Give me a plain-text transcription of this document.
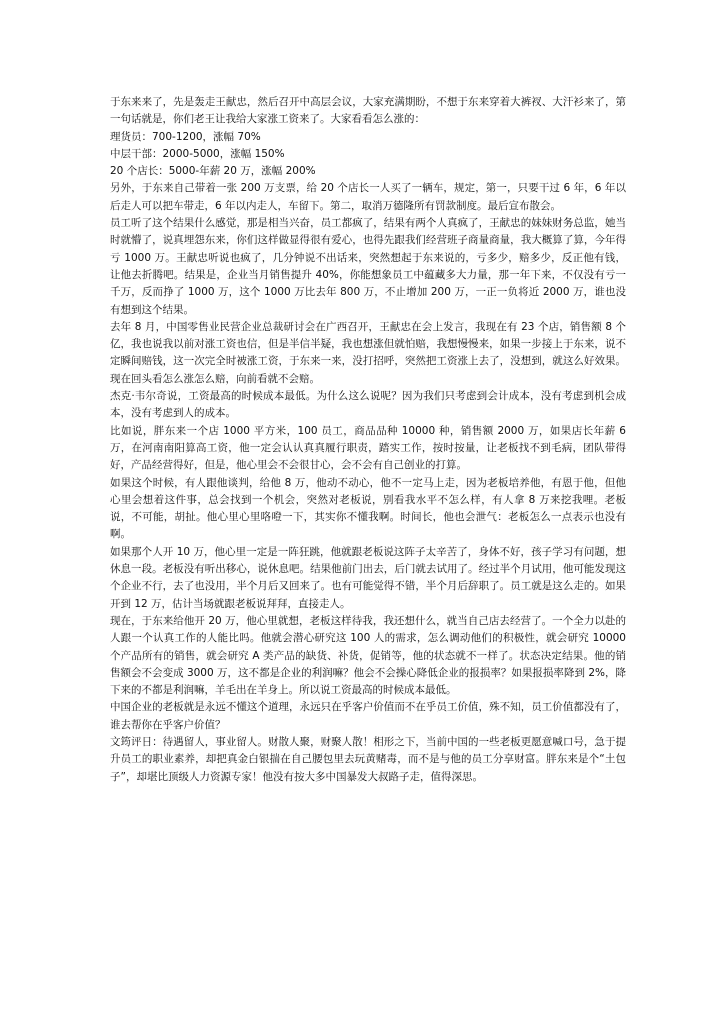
于东来来了，先是轰走王献忠，然后召开中高层会议，大家充满期盼，不想于东来穿着大裤衩、大汗衫来了，第一句话就是，你们老王让我给大家涨工资来了。大家看看怎么涨的：

理货员：700-1200，涨幅 70%

中层干部：2000-5000，涨幅 150%

20 个店长：5000-年薪 20 万，涨幅 200%

另外，于东来自己带着一张 200 万支票，给 20 个店长一人买了一辆车，规定，第一，只要干过 6 年，6 年以后走人可以把车带走，6 年以内走人，车留下。第二，取消万德隆所有罚款制度。最后宣布散会。

员工听了这个结果什么感觉，那是相当兴奋，员工都疯了，结果有两个人真疯了，王献忠的妹妹财务总监，她当时就懵了，说真埋怨东来，你们这样做显得很有爱心，也得先跟我们经营班子商量商量，我大概算了算，今年得亏 1000 万。王献忠听说也疯了，几分钟说不出话来，突然想起于东来说的，亏多少，赔多少，反正他有钱，让他去折腾吧。结果是，企业当月销售提升 40%，你能想象员工中蕴藏多大力量，那一年下来，不仅没有亏一千万，反而挣了 1000 万，这个 1000 万比去年 800 万，不止增加 200 万，一正一负将近 2000 万，谁也没有想到这个结果。

去年 8 月，中国零售业民营企业总裁研讨会在广西召开，王献忠在会上发言，我现在有 23 个店，销售额 8 个亿，我也说我以前对涨工资也信，但是半信半疑，我也想涨但就怕赔，我想慢慢来，如果一步接上于东来，说不定瞬间赔钱，这一次完全时被涨工资，于东来一来，没打招呼，突然把工资涨上去了，没想到，就这么好效果。现在回头看怎么涨怎么赔，向前看就不会赔。

杰克·韦尔奇说，工资最高的时候成本最低。为什么这么说呢？因为我们只考虑到会计成本，没有考虑到机会成本，没有考虑到人的成本。

比如说，胖东来一个店 1000 平方米，100 员工，商品品种 10000 种，销售额 2000 万，如果店长年薪 6 万，在河南南阳算高工资，他一定会认认真真履行职责，踏实工作，按时按量，让老板找不到毛病，团队带得好，产品经营得好，但是，他心里会不会很甘心，会不会有自己创业的打算。

如果这个时候，有人跟他谈判，给他 8 万，他动不动心，他不一定马上走，因为老板培养他，有恩于他，但他心里会想着这件事，总会找到一个机会，突然对老板说，别看我水平不怎么样，有人拿 8 万来挖我哩。老板说，不可能，胡扯。他心里心里咯噔一下，其实你不懂我啊。时间长，他也会泄气：老板怎么一点表示也没有啊。

如果那个人开 10 万，他心里一定是一阵狂跳，他就跟老板说这阵子太辛苦了，身体不好，孩子学习有问题，想休息一段。老板没有听出移心，说休息吧。结果他前门出去，后门就去试用了。经过半个月试用，他可能发现这个企业不行，去了也没用，半个月后又回来了。也有可能觉得不错，半个月后辞职了。员工就是这么走的。如果开到 12 万，估计当场就跟老板说拜拜，直接走人。

现在，于东来给他开 20 万，他心里就想，老板这样待我，我还想什么，就当自己店去经营了。一个全力以赴的人跟一个认真工作的人能比吗。他就会潜心研究这 100 人的需求，怎么调动他们的积极性，就会研究 10000 个产品所有的销售，就会研究 A 类产品的缺货、补货，促销等，他的状态就不一样了。状态决定结果。他的销售额会不会变成 3000 万，这不都是企业的利润嘛？他会不会操心降低企业的报损率？如果报损率降到 2%，降下来的不都是利润嘛，羊毛出在羊身上。所以说工资最高的时候成本最低。

中国企业的老板就是永远不懂这个道理，永远只在乎客户价值而不在乎员工价值，殊不知，员工价值都没有了，谁去帮你在乎客户价值？

文筠评日：待遇留人，事业留人。财散人聚，财聚人散！相形之下，当前中国的一些老板更愿意喊口号，急于提升员工的职业素养，却把真金白银揣在自己腰包里去玩黄赌毒，而不是与他的员工分享财富。胖东来是个“土包子”，却堪比顶级人力资源专家！他没有按大多中国暴发大叔路子走，值得深思。
